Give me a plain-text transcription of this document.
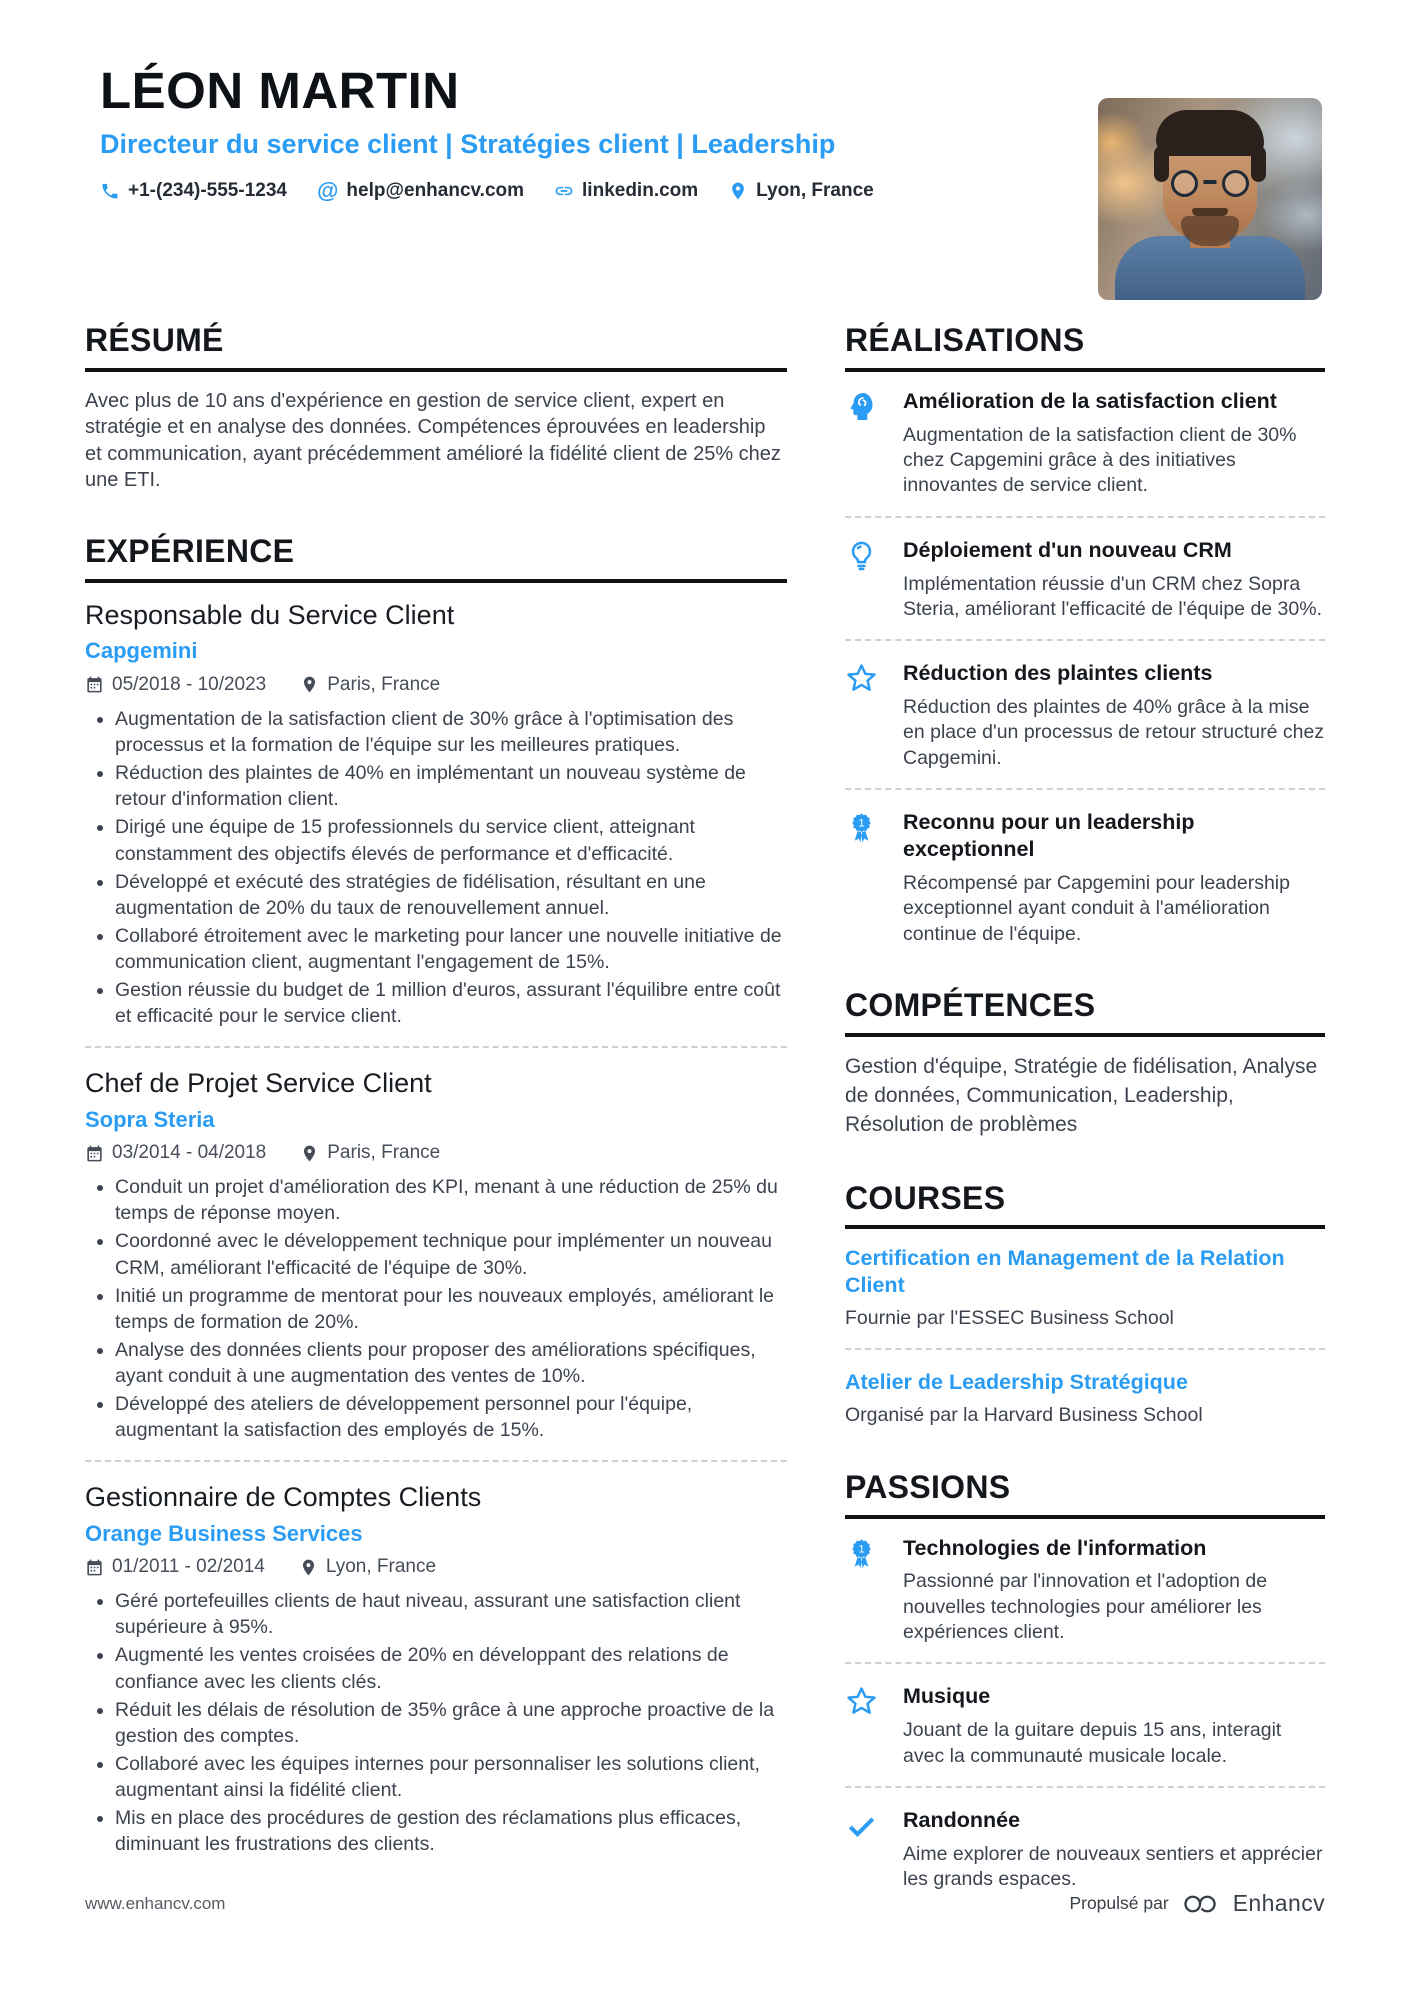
LÉON MARTIN
Directeur du service client | Stratégies client | Leadership
+1-(234)-555-1234 @ help@enhancv.com	linkedin.com	Lyon, France
RÉSUMÉ

Avec plus de 10 ans d'expérience en gestion de service client, expert en stratégie et en analyse des données. Compétences éprouvées en leadership et communication, ayant précédemment amélioré la fidélité client de 25% chez une ETI.

EXPÉRIENCE
Responsable du Service Client
Capgemini
05/2018 - 10/2023	Paris, France
• Augmentation de la satisfaction client de 30% grâce à l'optimisation des processus et la formation de l'équipe sur les meilleures pratiques.
• Réduction des plaintes de 40% en implémentant un nouveau système de retour d'information client.
• Dirigé une équipe de 15 professionnels du service client, atteignant constamment des objectifs élevés de performance et d'efficacité.
• Développé et exécuté des stratégies de fidélisation, résultant en une augmentation de 20% du taux de renouvellement annuel.
• Collaboré étroitement avec le marketing pour lancer une nouvelle initiative de communication client, augmentant l'engagement de 15%.
• Gestion réussie du budget de 1 million d'euros, assurant l'équilibre entre coût et efficacité pour le service client.
Chef de Projet Service Client
Sopra Steria
03/2014 - 04/2018	Paris, France
• Conduit un projet d'amélioration des KPI, menant à une réduction de 25% du temps de réponse moyen.
• Coordonné avec le développement technique pour implémenter un nouveau CRM, améliorant l'efficacité de l'équipe de 30%.
• Initié un programme de mentorat pour les nouveaux employés, améliorant le temps de formation de 20%.
• Analyse des données clients pour proposer des améliorations spécifiques, ayant conduit à une augmentation des ventes de 10%.
• Développé des ateliers de développement personnel pour l'équipe, augmentant la satisfaction des employés de 15%.
Gestionnaire de Comptes Clients
Orange Business Services
01/2011 - 02/2014	Lyon, France
• Géré portefeuilles clients de haut niveau, assurant une satisfaction client supérieure à 95%.
• Augmenté les ventes croisées de 20% en développant des relations de confiance avec les clients clés.
• Réduit les délais de résolution de 35% grâce à une approche proactive de la gestion des comptes.
• Collaboré avec les équipes internes pour personnaliser les solutions client, augmentant ainsi la fidélité client.
• Mis en place des procédures de gestion des réclamations plus efficaces, diminuant les frustrations des clients.
RÉALISATIONS
Amélioration de la satisfaction client

Augmentation de la satisfaction client de 30% chez Capgemini grâce à des initiatives innovantes de service client.

Déploiement d'un nouveau CRM

Implémentation réussie d'un CRM chez Sopra Steria, améliorant l'efficacité de l'équipe de 30%.

Réduction des plaintes clients

Réduction des plaintes de 40% grâce à la mise en place d'un processus de retour structuré chez Capgemini.

1 Reconnu pour un leadership exceptionnel

Récompensé par Capgemini pour leadership exceptionnel ayant conduit à l'amélioration continue de l'équipe.

COMPÉTENCES

Gestion d'équipe, Stratégie de fidélisation, Analyse de données, Communication, Leadership, Résolution de problèmes

COURSES
Certification en Management de la Relation Client

Fournie par l'ESSEC Business School

Atelier de Leadership Stratégique

Organisé par la Harvard Business School

PASSIONS
1 Technologies de l'information

Passionné par l'innovation et l'adoption de nouvelles technologies pour améliorer les expériences client.

Musique

Jouant de la guitare depuis 15 ans, interagit avec la communauté musicale locale.

Randonnée

Aime explorer de nouveaux sentiers et apprécier les grands espaces.

www.enhancv.com	Propulsé par	Enhancv
